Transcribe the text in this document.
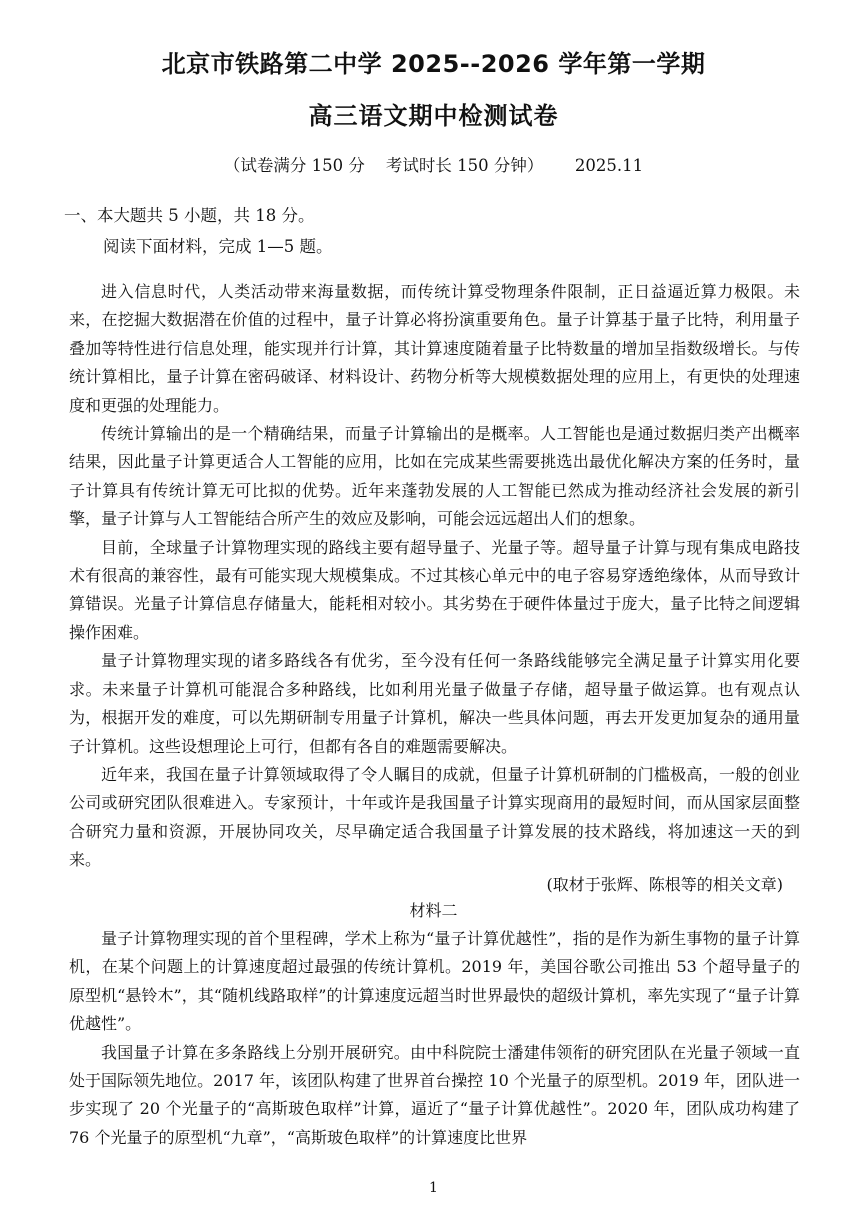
北京市铁路第二中学 2025--2026 学年第一学期
高三语文期中检测试卷
（试卷满分 150 分    考试时长 150 分钟）      2025.11
一、本大题共 5 小题，共 18 分。
阅读下面材料，完成 1—5 题。

进入信息时代，人类活动带来海量数据，而传统计算受物理条件限制，正日益逼近算力极限。未来，在挖掘大数据潜在价值的过程中，量子计算必将扮演重要角色。量子计算基于量子比特，利用量子叠加等特性进行信息处理，能实现并行计算，其计算速度随着量子比特数量的增加呈指数级增长。与传统计算相比，量子计算在密码破译、材料设计、药物分析等大规模数据处理的应用上，有更快的处理速度和更强的处理能力。

传统计算输出的是一个精确结果，而量子计算输出的是概率。人工智能也是通过数据归类产出概率结果，因此量子计算更适合人工智能的应用，比如在完成某些需要挑选出最优化解决方案的任务时，量子计算具有传统计算无可比拟的优势。近年来蓬勃发展的人工智能已然成为推动经济社会发展的新引擎，量子计算与人工智能结合所产生的效应及影响，可能会远远超出人们的想象。

目前，全球量子计算物理实现的路线主要有超导量子、光量子等。超导量子计算与现有集成电路技术有很高的兼容性，最有可能实现大规模集成。不过其核心单元中的电子容易穿透绝缘体，从而导致计算错误。光量子计算信息存储量大，能耗相对较小。其劣势在于硬件体量过于庞大，量子比特之间逻辑操作困难。

量子计算物理实现的诸多路线各有优劣，至今没有任何一条路线能够完全满足量子计算实用化要求。未来量子计算机可能混合多种路线，比如利用光量子做量子存储，超导量子做运算。也有观点认为，根据开发的难度，可以先期研制专用量子计算机，解决一些具体问题，再去开发更加复杂的通用量子计算机。这些设想理论上可行，但都有各自的难题需要解决。

近年来，我国在量子计算领域取得了令人瞩目的成就，但量子计算机研制的门槛极高，一般的创业公司或研究团队很难进入。专家预计，十年或许是我国量子计算实现商用的最短时间，而从国家层面整合研究力量和资源，开展协同攻关，尽早确定适合我国量子计算发展的技术路线，将加速这一天的到来。

(取材于张辉、陈根等的相关文章)
材料二

量子计算物理实现的首个里程碑，学术上称为“量子计算优越性”，指的是作为新生事物的量子计算机，在某个问题上的计算速度超过最强的传统计算机。2019 年，美国谷歌公司推出 53 个超导量子的原型机“悬铃木”，其“随机线路取样”的计算速度远超当时世界最快的超级计算机，率先实现了“量子计算优越性”。

我国量子计算在多条路线上分别开展研究。由中科院院士潘建伟领衔的研究团队在光量子领域一直处于国际领先地位。2017 年，该团队构建了世界首台操控 10 个光量子的原型机。2019 年，团队进一步实现了 20 个光量子的“高斯玻色取样”计算，逼近了“量子计算优越性”。2020 年，团队成功构建了 76 个光量子的原型机“九章”，“高斯玻色取样”的计算速度比世界

1
